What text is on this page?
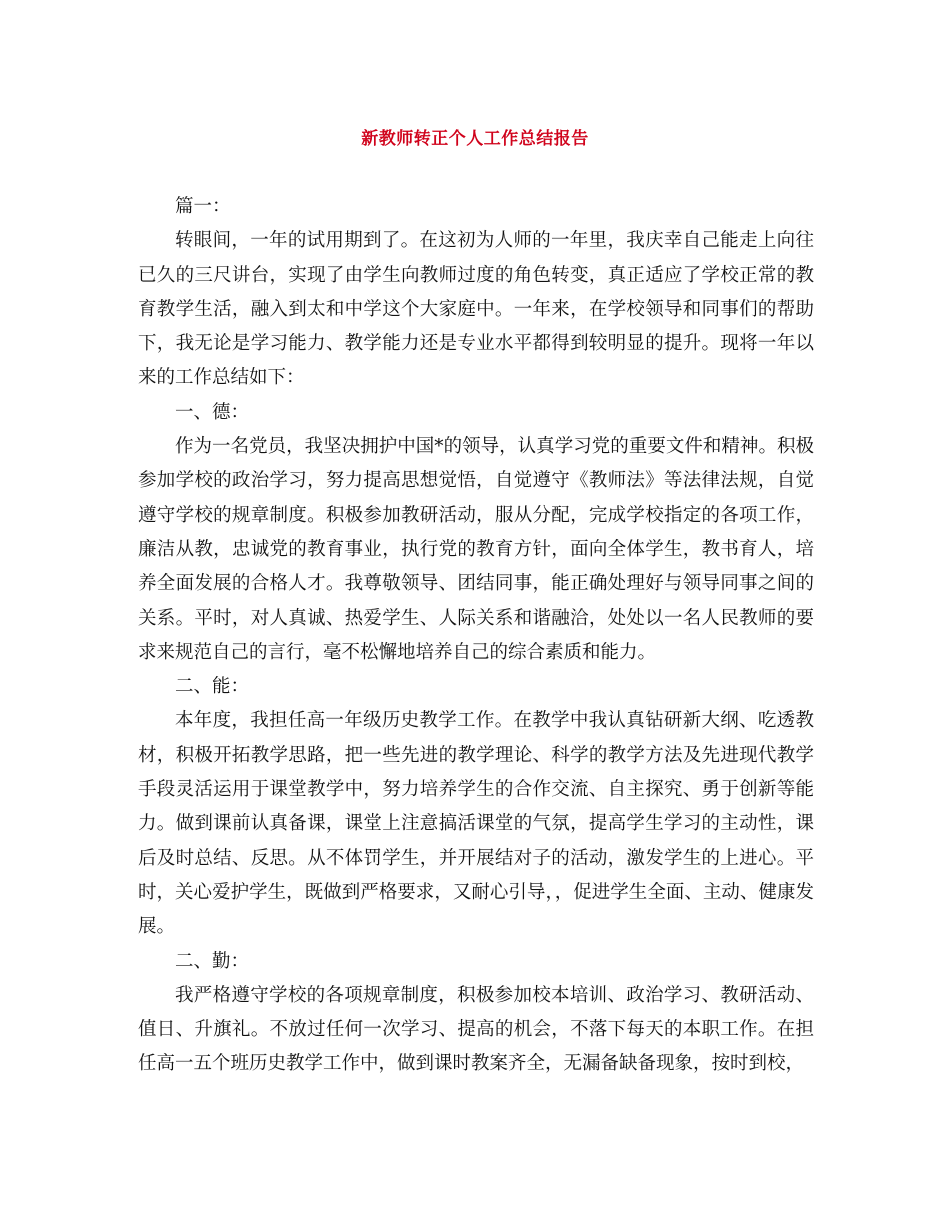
新教师转正个人工作总结报告

篇一：

转眼间，一年的试用期到了。在这初为人师的一年里，我庆幸自己能走上向往已久的三尺讲台，实现了由学生向教师过度的角色转变，真正适应了学校正常的教育教学生活，融入到太和中学这个大家庭中。一年来，在学校领导和同事们的帮助下，我无论是学习能力、教学能力还是专业水平都得到较明显的提升。现将一年以来的工作总结如下：

一、德：

作为一名党员，我坚决拥护中国*的领导，认真学习党的重要文件和精神。积极参加学校的政治学习，努力提高思想觉悟，自觉遵守《教师法》等法律法规，自觉遵守学校的规章制度。积极参加教研活动，服从分配，完成学校指定的各项工作，廉洁从教，忠诚党的教育事业，执行党的教育方针，面向全体学生，教书育人，培养全面发展的合格人才。我尊敬领导、团结同事，能正确处理好与领导同事之间的关系。平时，对人真诚、热爱学生、人际关系和谐融洽，处处以一名人民教师的要求来规范自己的言行，毫不松懈地培养自己的综合素质和能力。

二、能：

本年度，我担任高一年级历史教学工作。在教学中我认真钻研新大纲、吃透教材，积极开拓教学思路，把一些先进的教学理论、科学的教学方法及先进现代教学手段灵活运用于课堂教学中，努力培养学生的合作交流、自主探究、勇于创新等能力。做到课前认真备课，课堂上注意搞活课堂的气氛，提高学生学习的主动性，课后及时总结、反思。从不体罚学生，并开展结对子的活动，激发学生的上进心。平时，关心爱护学生，既做到严格要求，又耐心引导，，促进学生全面、主动、健康发展。

二、勤：

我严格遵守学校的各项规章制度，积极参加校本培训、政治学习、教研活动、值日、升旗礼。不放过任何一次学习、提高的机会，不落下每天的本职工作。在担任高一五个班历史教学工作中，做到课时教案齐全，无漏备缺备现象，按时到校，
